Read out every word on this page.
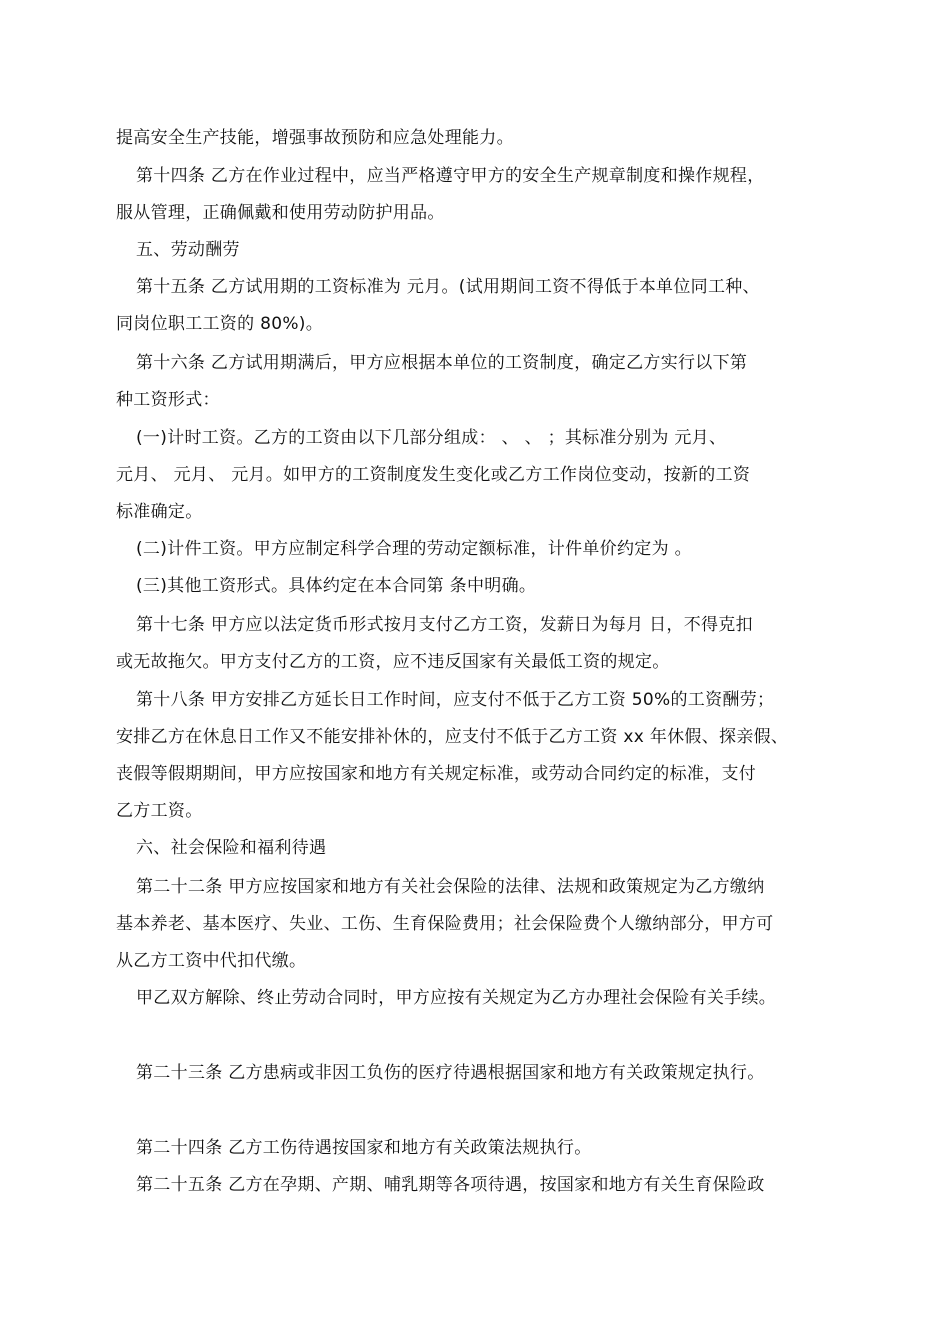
提高安全生产技能，增强事故预防和应急处理能力。
第十四条 乙方在作业过程中，应当严格遵守甲方的安全生产规章制度和操作规程，
服从管理，正确佩戴和使用劳动防护用品。
五、劳动酬劳
第十五条 乙方试用期的工资标准为 元月。(试用期间工资不得低于本单位同工种、
同岗位职工工资的 80%)。
第十六条 乙方试用期满后，甲方应根据本单位的工资制度，确定乙方实行以下第
种工资形式：
(一)计时工资。乙方的工资由以下几部分组成： 、 、 ；其标准分别为 元月、
元月、 元月、 元月。如甲方的工资制度发生变化或乙方工作岗位变动，按新的工资
标准确定。
(二)计件工资。甲方应制定科学合理的劳动定额标准，计件单价约定为 。
(三)其他工资形式。具体约定在本合同第 条中明确。
第十七条 甲方应以法定货币形式按月支付乙方工资，发薪日为每月 日，不得克扣
或无故拖欠。甲方支付乙方的工资，应不违反国家有关最低工资的规定。
第十八条 甲方安排乙方延长日工作时间，应支付不低于乙方工资 50%的工资酬劳；
安排乙方在休息日工作又不能安排补休的，应支付不低于乙方工资 xx 年休假、探亲假、
丧假等假期期间，甲方应按国家和地方有关规定标准，或劳动合同约定的标准，支付
乙方工资。
六、社会保险和福利待遇
第二十二条 甲方应按国家和地方有关社会保险的法律、法规和政策规定为乙方缴纳
基本养老、基本医疗、失业、工伤、生育保险费用；社会保险费个人缴纳部分，甲方可
从乙方工资中代扣代缴。
甲乙双方解除、终止劳动合同时，甲方应按有关规定为乙方办理社会保险有关手续。
第二十三条 乙方患病或非因工负伤的医疗待遇根据国家和地方有关政策规定执行。
第二十四条 乙方工伤待遇按国家和地方有关政策法规执行。
第二十五条 乙方在孕期、产期、哺乳期等各项待遇，按国家和地方有关生育保险政
